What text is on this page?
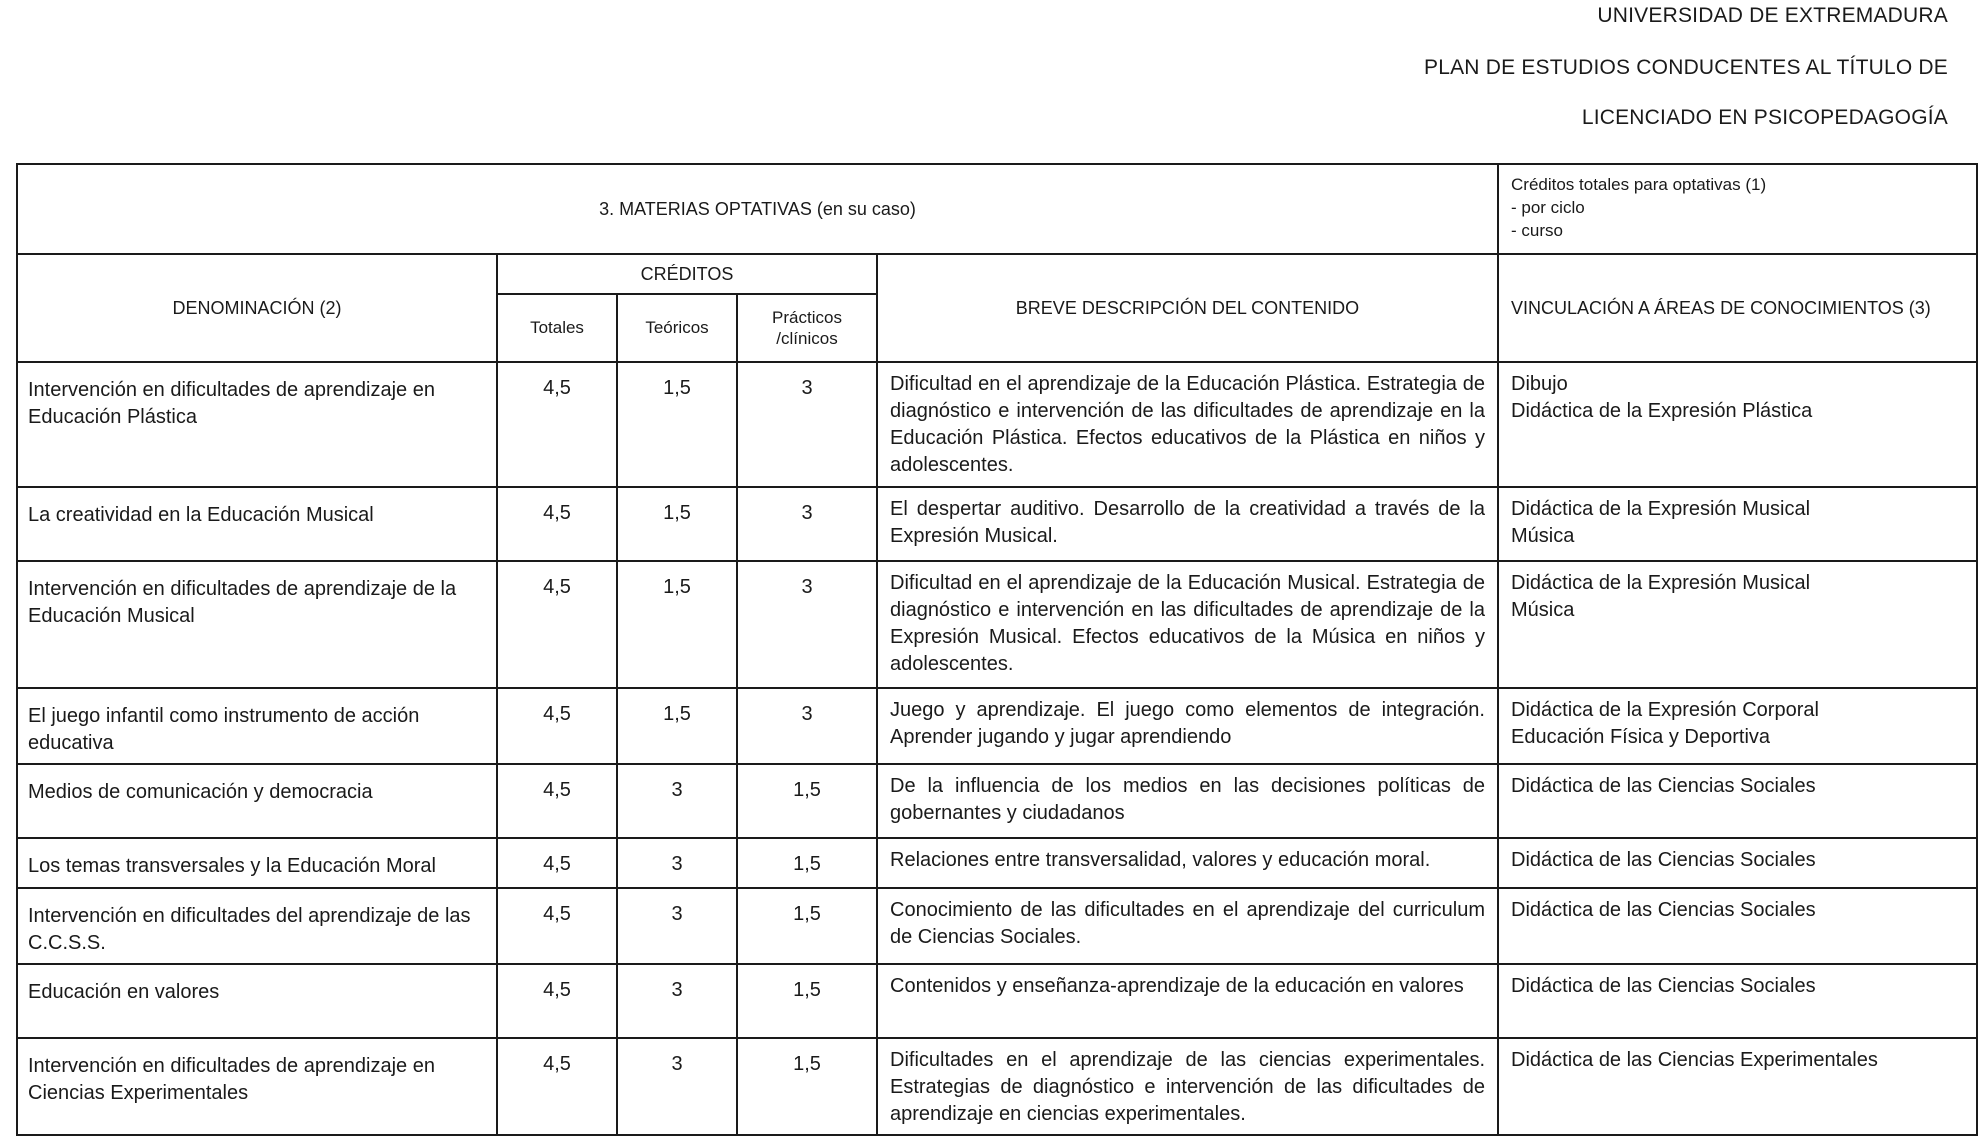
UNIVERSIDAD DE EXTREMADURA
PLAN DE ESTUDIOS CONDUCENTES AL TÍTULO DE
LICENCIADO EN PSICOPEDAGOGÍA
3. MATERIAS OPTATIVAS (en su caso)					Créditos totales para optativas (1)
- por ciclo
- curso

DENOMINACIÓN (2)	CRÉDITOS			BREVE DESCRIPCIÓN DEL CONTENIDO	VINCULACIÓN A ÁREAS DE CONOCIMIENTOS (3)
	Totales	Teóricos	Prácticos
/clínicos		

Intervención en dificultades de aprendizaje en Educación Plástica	4,5	1,5	3	Dificultad en el aprendizaje de la Educación Plástica. Estrategia de diagnóstico e intervención de las dificultades de aprendizaje en la Educación Plástica. Efectos educativos de la Plástica en niños y adolescentes.	Dibujo
Didáctica de la Expresión Plástica

La creatividad en la Educación Musical	4,5	1,5	3	El despertar auditivo. Desarrollo de la creatividad a través de la Expresión Musical.	Didáctica de la Expresión Musical
Música

Intervención en dificultades de aprendizaje de la Educación Musical	4,5	1,5	3	Dificultad en el aprendizaje de la Educación Musical. Estrategia de diagnóstico e intervención en las dificultades de aprendizaje de la Expresión Musical. Efectos educativos de la Música en niños y adolescentes.	Didáctica de la Expresión Musical
Música

El juego infantil como instrumento de acción educativa	4,5	1,5	3	Juego y aprendizaje. El juego como elementos de integración. Aprender jugando y jugar aprendiendo	Didáctica de la Expresión Corporal
Educación Física y Deportiva

Medios de comunicación y democracia	4,5	3	1,5	De la influencia de los medios en las decisiones políticas de gobernantes y ciudadanos	Didáctica de las Ciencias Sociales

Los temas transversales y la Educación Moral	4,5	3	1,5	Relaciones entre transversalidad, valores y educación moral.	Didáctica de las Ciencias Sociales

Intervención en dificultades del aprendizaje de las C.C.S.S.	4,5	3	1,5	Conocimiento de las dificultades en el aprendizaje del curriculum de Ciencias Sociales.	Didáctica de las Ciencias Sociales

Educación en valores	4,5	3	1,5	Contenidos y enseñanza-aprendizaje de la educación en valores	Didáctica de las Ciencias Sociales

Intervención en dificultades de aprendizaje en Ciencias Experimentales	4,5	3	1,5	Dificultades en el aprendizaje de las ciencias experimentales. Estrategias de diagnóstico e intervención de las dificultades de aprendizaje en ciencias experimentales.	Didáctica de las Ciencias Experimentales
